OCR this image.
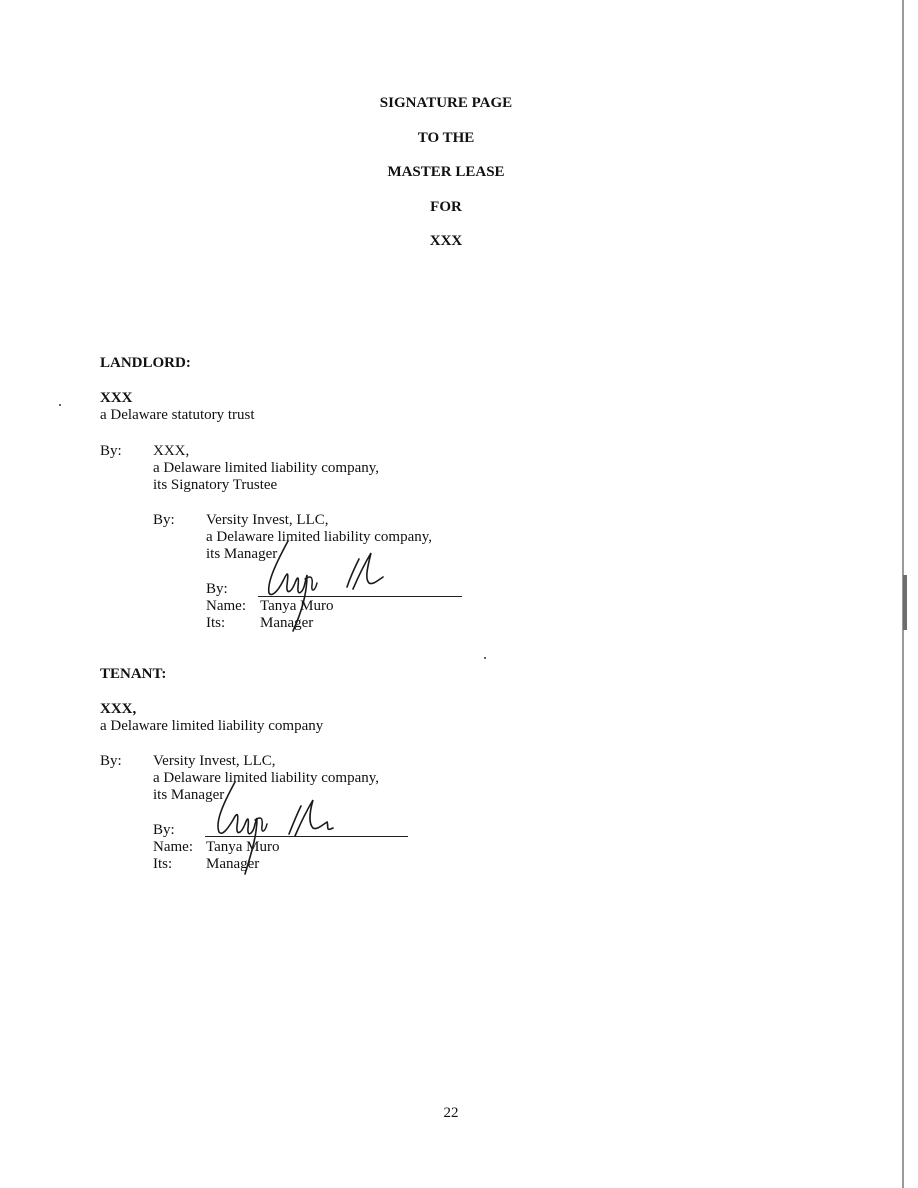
SIGNATURE PAGE
TO THE
MASTER LEASE
FOR
XXX
LANDLORD:
XXX
a Delaware statutory trust
By: XXX,
a Delaware limited liability company,
its Signatory Trustee
By: Versity Invest, LLC,
a Delaware limited liability company,
its Manager
By:
Name: Tanya Muro
Its: Manager
TENANT:
XXX,
a Delaware limited liability company
By: Versity Invest, LLC,
a Delaware limited liability company,
its Manager
By:
Name: Tanya Muro
Its: Manager
22
